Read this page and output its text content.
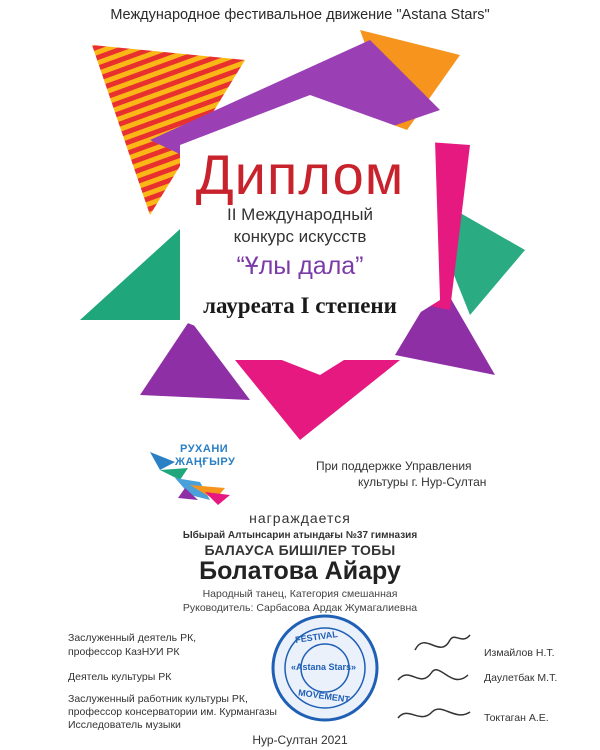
Международное фестивальное движение "Astana Stars"
Диплом
II Международный
конкурс искусств
“Ұлы дала”
лауреата I степени
РУХАНИ
ЖАҢҒЫРУ	При поддержке Управления
культуры г. Нур-Султан
награждается
Ыбырай Алтынсарин атындағы №37 гимназия
БАЛАУСА БИШІЛЕР ТОБЫ
Болатова Айару
Народный танец, Категория смешанная
Руководитель: Сарбасова Ардак Жумагалиевна
Заслуженный деятель РК,
профессор КазНУИ РК
Деятель культуры РК
Заслуженный работник культуры РК,
профессор консерватории им. Курмангазы
Исследователь музыки
Измайлов Н.Т.
Даулетбак М.Т.
Токтаган А.Е.
FESTIVAL
«Astana Stars»
MOVEMENT
Нур-Султан 2021
